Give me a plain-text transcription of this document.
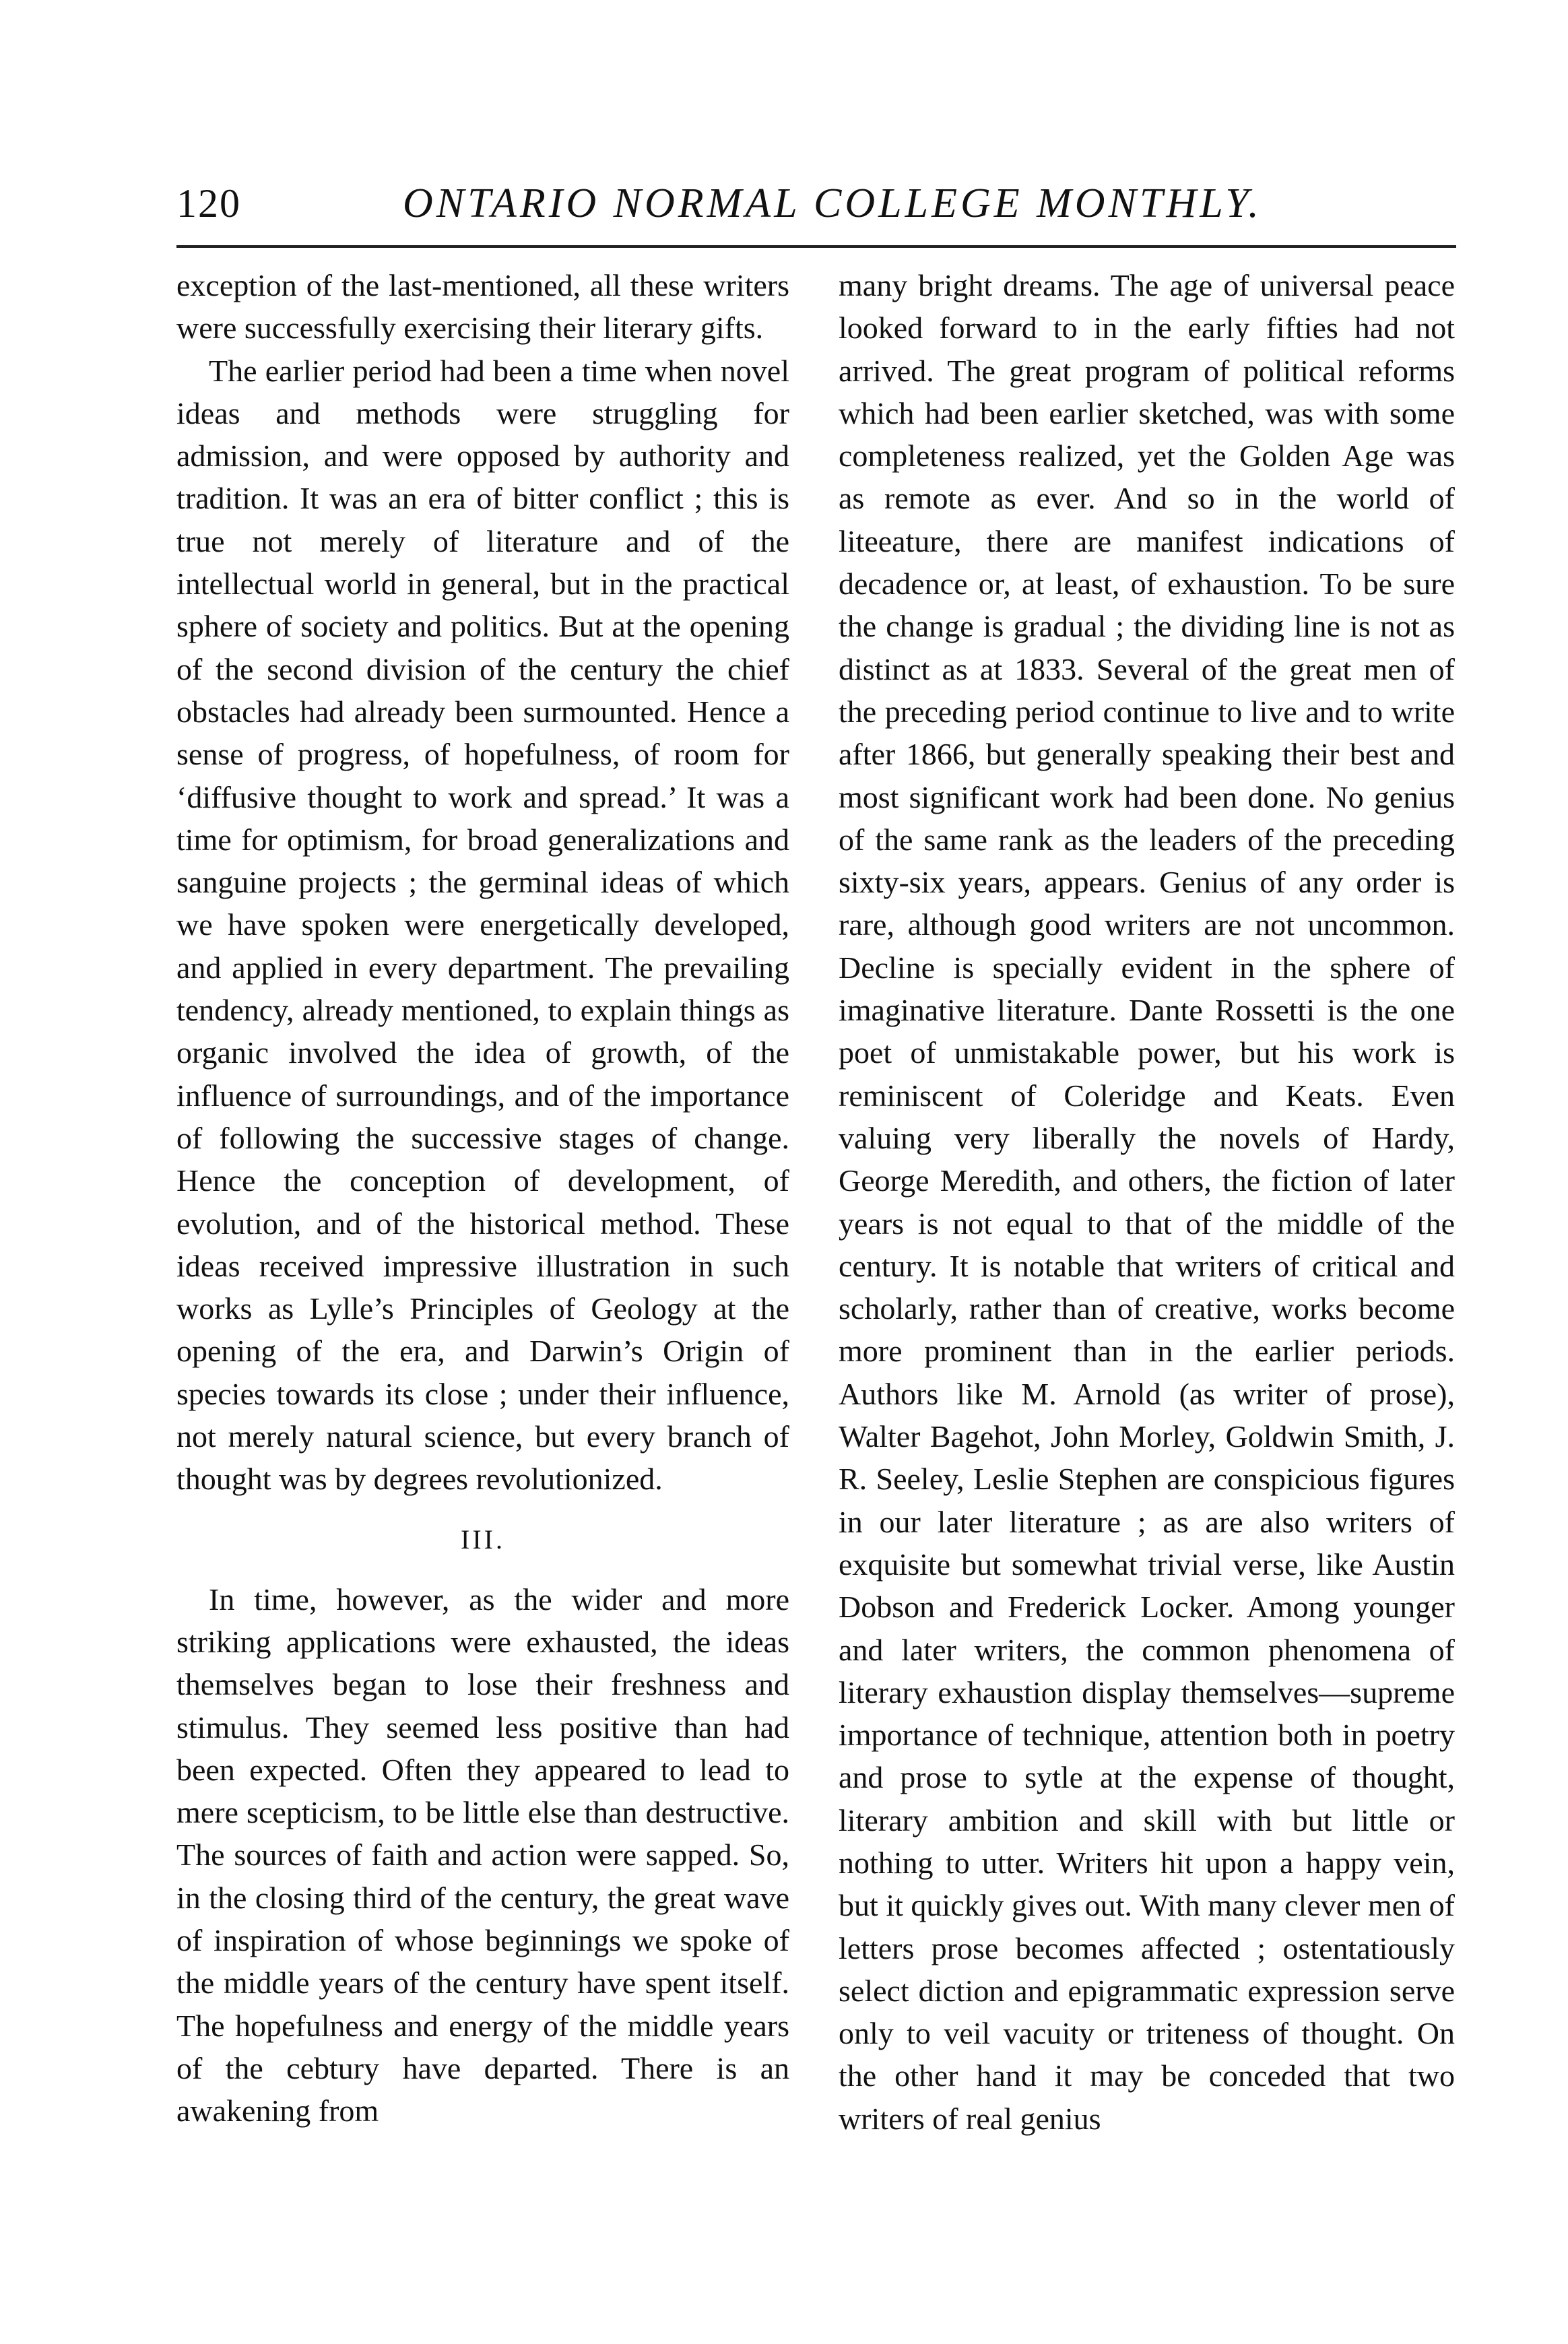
120	ONTARIO NORMAL COLLEGE MONTHLY.

exception of the last-mentioned, all these writers were successfully exercising their literary gifts.

The earlier period had been a time when novel ideas and methods were struggling for admission, and were opposed by authority and tradition. It was an era of bitter conflict ; this is true not merely of literature and of the intellectual world in general, but in the practical sphere of society and politics. But at the opening of the second division of the century the chief obstacles had already been surmounted. Hence a sense of progress, of hopefulness, of room for ‘diffusive thought to work and spread.’ It was a time for optimism, for broad generalizations and sanguine projects ; the germinal ideas of which we have spoken were energetically developed, and applied in every department. The prevailing tendency, already mentioned, to explain things as organic involved the idea of growth, of the influence of surroundings, and of the importance of following the successive stages of change. Hence the conception of development, of evolution, and of the historical method. These ideas received impressive illustration in such works as Lylle’s Principles of Geology at the opening of the era, and Darwin’s Origin of species towards its close ; under their influence, not merely natural science, but every branch of thought was by degrees revolutionized.

III.

In time, however, as the wider and more striking applications were exhausted, the ideas themselves began to lose their freshness and stimulus. They seemed less positive than had been expected. Often they appeared to lead to mere scepticism, to be little else than destructive. The sources of faith and action were sapped. So, in the closing third of the century, the great wave of inspiration of whose beginnings we spoke of the middle years of the century have spent itself. The hopefulness and energy of the middle years of the cebtury have departed. There is an awakening from

many bright dreams. The age of universal peace looked forward to in the early fifties had not arrived. The great program of political reforms which had been earlier sketched, was with some completeness realized, yet the Golden Age was as remote as ever. And so in the world of liteeature, there are manifest indications of decadence or, at least, of exhaustion. To be sure the change is gradual ; the dividing line is not as distinct as at 1833. Several of the great men of the preceding period continue to live and to write after 1866, but generally speaking their best and most significant work had been done. No genius of the same rank as the leaders of the preceding sixty-six years, appears. Genius of any order is rare, although good writers are not uncommon. Decline is specially evident in the sphere of imaginative literature. Dante Rossetti is the one poet of unmistakable power, but his work is reminiscent of Coleridge and Keats. Even valuing very liberally the novels of Hardy, George Meredith, and others, the fiction of later years is not equal to that of the middle of the century. It is notable that writers of critical and scholarly, rather than of creative, works become more prominent than in the earlier periods. Authors like M. Arnold (as writer of prose), Walter Bagehot, John Morley, Goldwin Smith, J. R. Seeley, Leslie Stephen are conspicious figures in our later literature ; as are also writers of exquisite but somewhat trivial verse, like Austin Dobson and Frederick Locker. Among younger and later writers, the common phenomena of literary exhaustion display themselves—supreme importance of technique, attention both in poetry and prose to sytle at the expense of thought, literary ambition and skill with but little or nothing to utter. Writers hit upon a happy vein, but it quickly gives out. With many clever men of letters prose becomes affected ; ostentatiously select diction and epigrammatic expression serve only to veil vacuity or triteness of thought. On the other hand it may be conceded that two writers of real genius
